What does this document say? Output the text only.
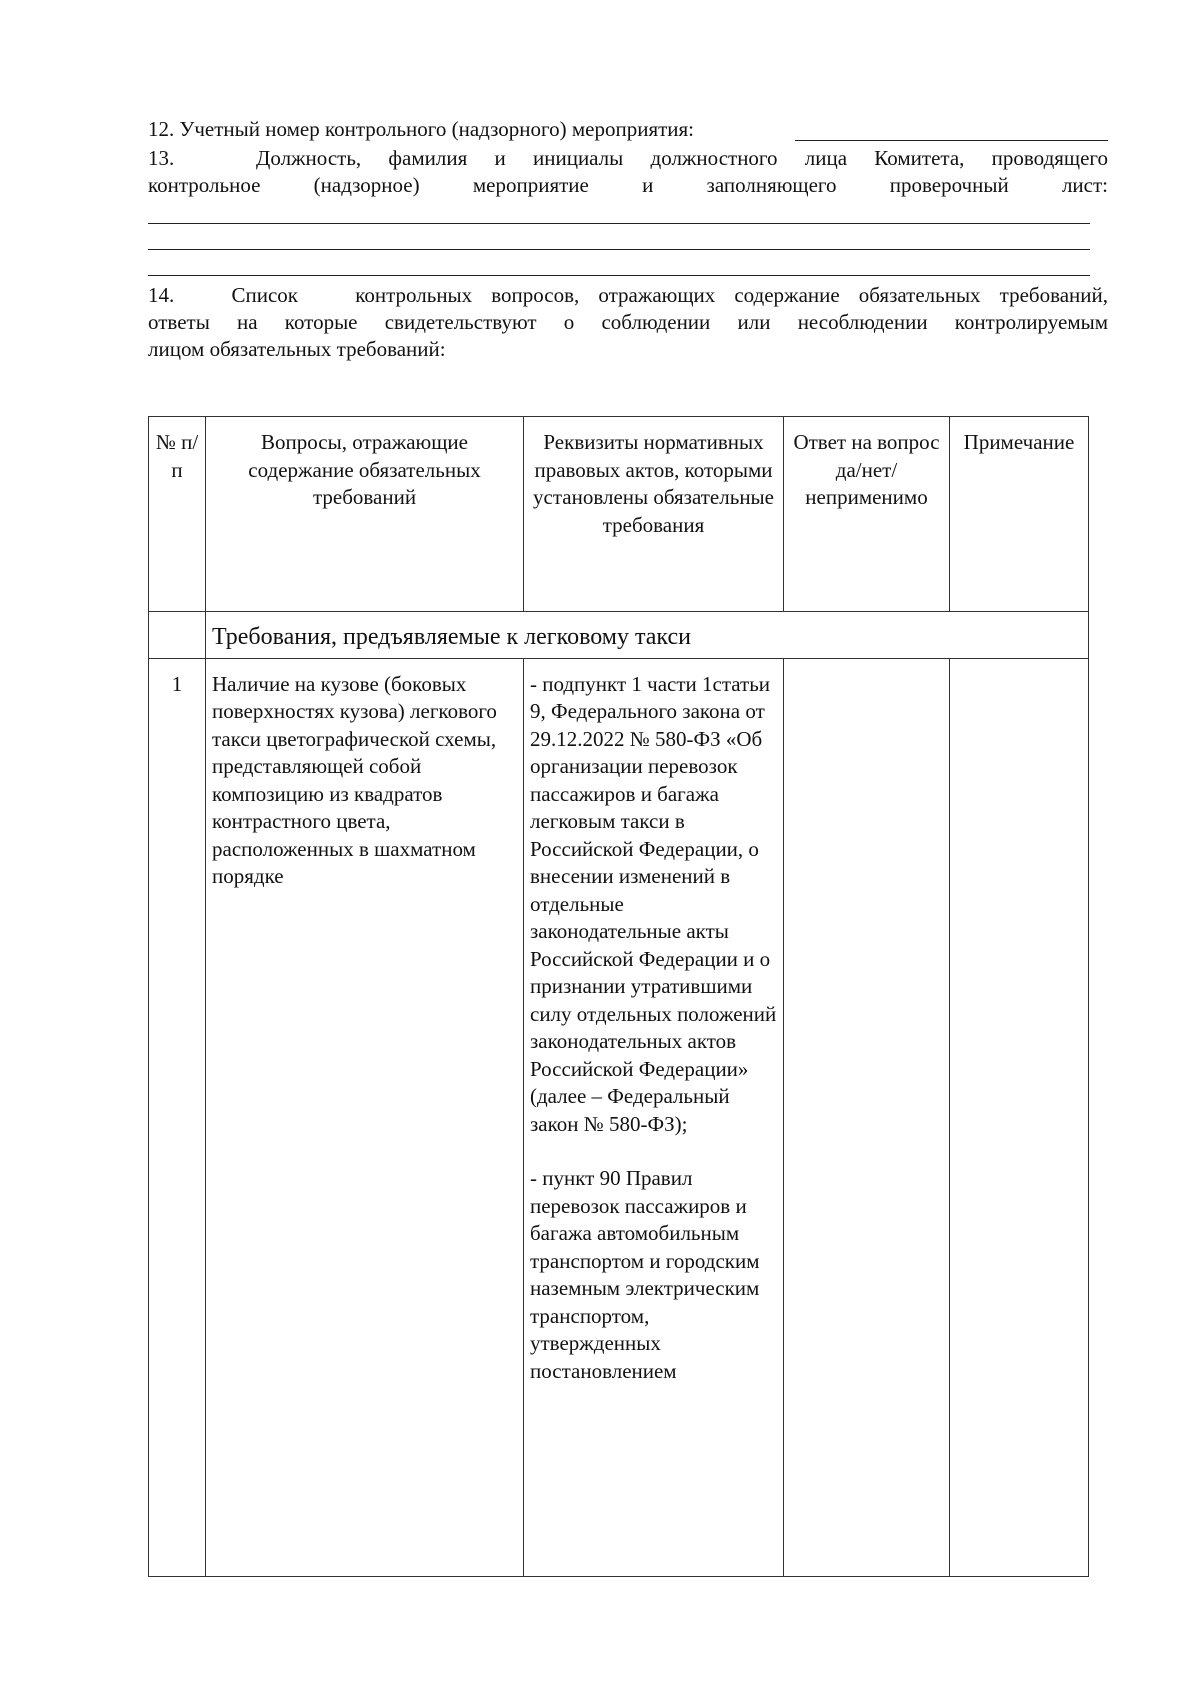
12. Учетный номер контрольного (надзорного) мероприятия:
13.   Должность, фамилия и инициалы должностного лица Комитета, проводящего
контрольное (надзорное) мероприятие и заполняющего проверочный лист:
14.   Список   контрольных вопросов, отражающих содержание обязательных требований,
ответы на которые свидетельствуют о соблюдении или несоблюдении контролируемым
лицом обязательных требований:
№ п/п	Вопросы, отражающие содержание обязательных требований	Реквизиты нормативных правовых актов, которыми установлены обязательные требования	Ответ на вопрос да/нет/ неприменимо	Примечание
	Требования, предъявляемые к легковому такси			
1	Наличие на кузове (боковых поверхностях кузова) легкового такси цветографической схемы, представляющей собой композицию из квадратов контрастного цвета, расположенных в шахматном порядке	- подпункт 1 части 1статьи 9, Федерального закона от 29.12.2022 № 580-ФЗ «Об организации перевозок пассажиров и багажа легковым такси в Российской Федерации, о внесении изменений в отдельные законодательные акты Российской Федерации и о признании утратившими силу отдельных положений законодательных актов Российской Федерации» (далее – Федеральный закон № 580-ФЗ);
- пункт 90 Правил перевозок пассажиров и багажа автомобильным транспортом и городским наземным электрическим транспортом, утвержденных постановлением		
